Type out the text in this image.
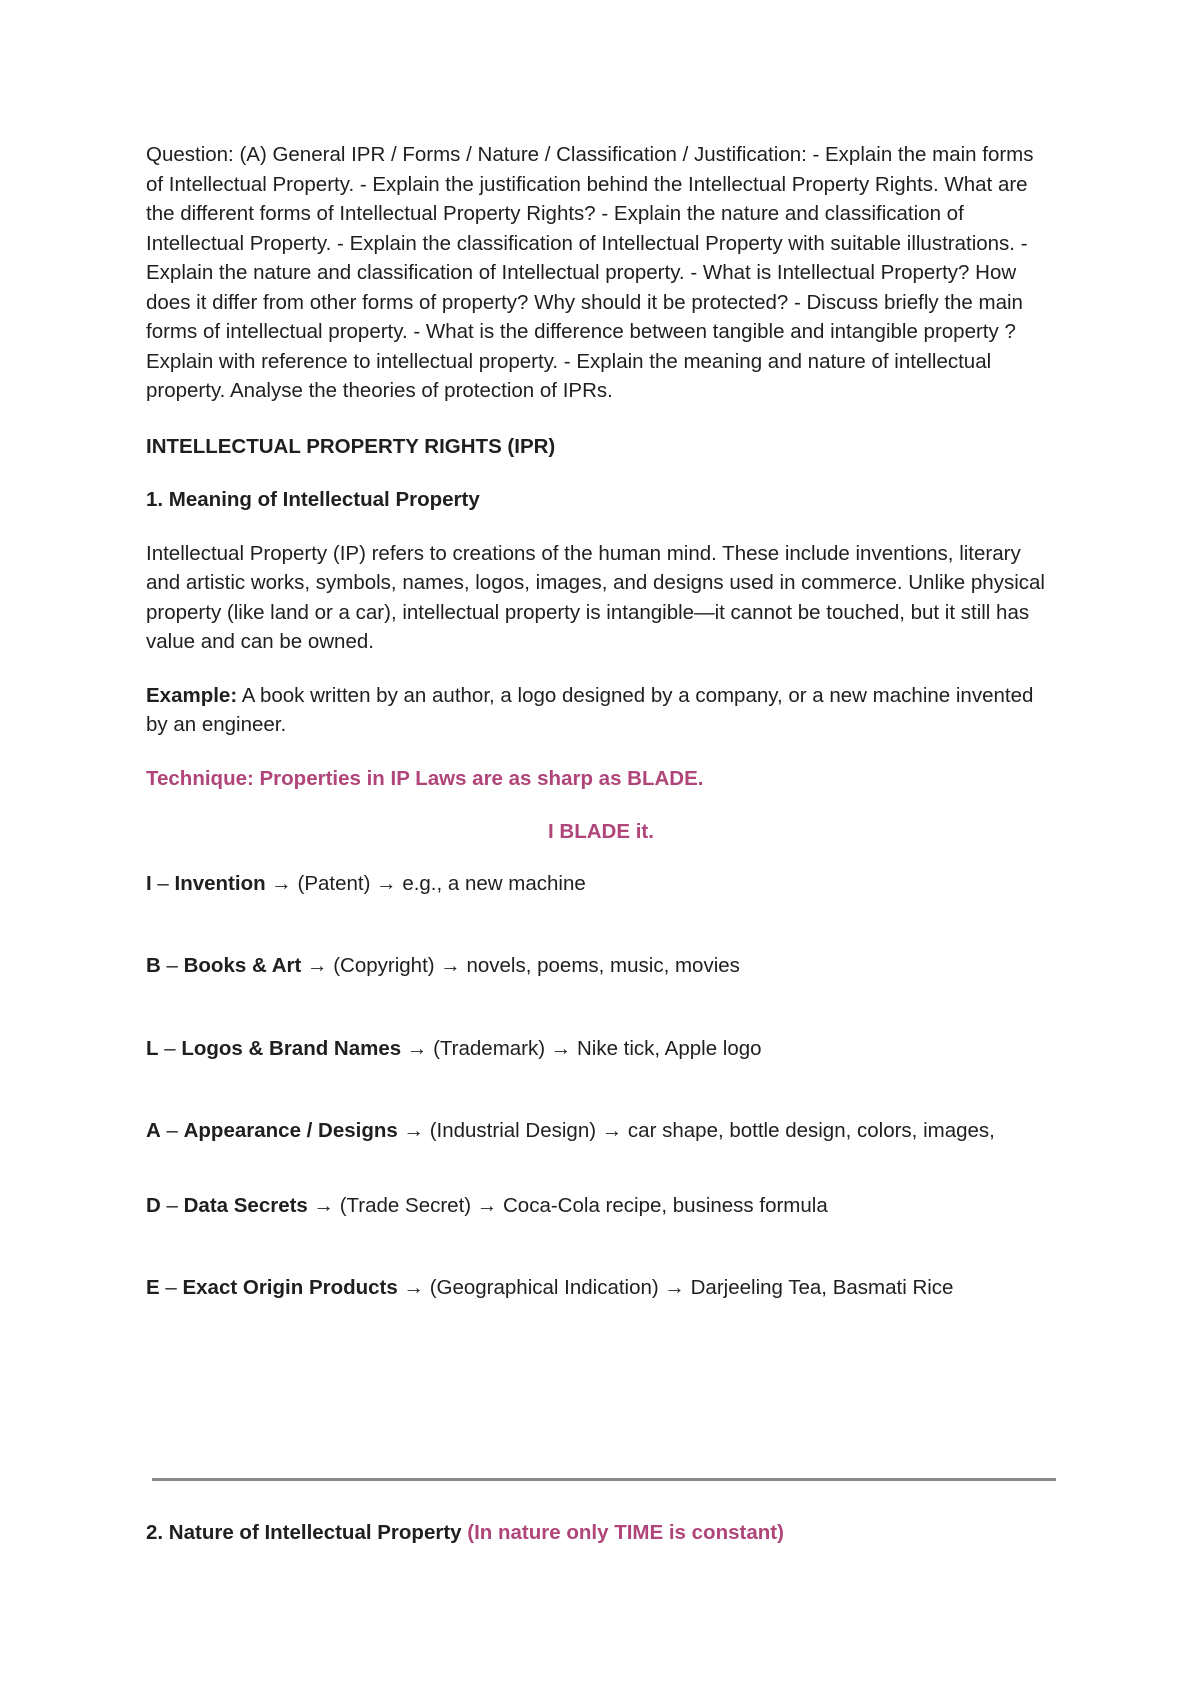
Question: (A) General IPR / Forms / Nature / Classification / Justification: - Explain the main forms of Intellectual Property. - Explain the justification behind the Intellectual Property Rights. What are the different forms of Intellectual Property Rights? - Explain the nature and classification of Intellectual Property. - Explain the classification of Intellectual Property with suitable illustrations. - Explain the nature and classification of Intellectual property. - What is Intellectual Property? How does it differ from other forms of property? Why should it be protected? - Discuss briefly the main forms of intellectual property. - What is the difference between tangible and intangible property ? Explain with reference to intellectual property. - Explain the meaning and nature of intellectual property. Analyse the theories of protection of IPRs.

INTELLECTUAL PROPERTY RIGHTS (IPR)

1. Meaning of Intellectual Property

Intellectual Property (IP) refers to creations of the human mind. These include inventions, literary and artistic works, symbols, names, logos, images, and designs used in commerce. Unlike physical property (like land or a car), intellectual property is intangible—it cannot be touched, but it still has value and can be owned.

Example: A book written by an author, a logo designed by a company, or a new machine invented by an engineer.

Technique: Properties in IP Laws are as sharp as BLADE.

I BLADE it.

I – Invention → (Patent) → e.g., a new machine

B – Books & Art → (Copyright) → novels, poems, music, movies

L – Logos & Brand Names → (Trademark) → Nike tick, Apple logo

A – Appearance / Designs → (Industrial Design) → car shape, bottle design, colors, images,

D – Data Secrets → (Trade Secret) → Coca-Cola recipe, business formula

E – Exact Origin Products → (Geographical Indication) → Darjeeling Tea, Basmati Rice

2. Nature of Intellectual Property (In nature only TIME is constant)
